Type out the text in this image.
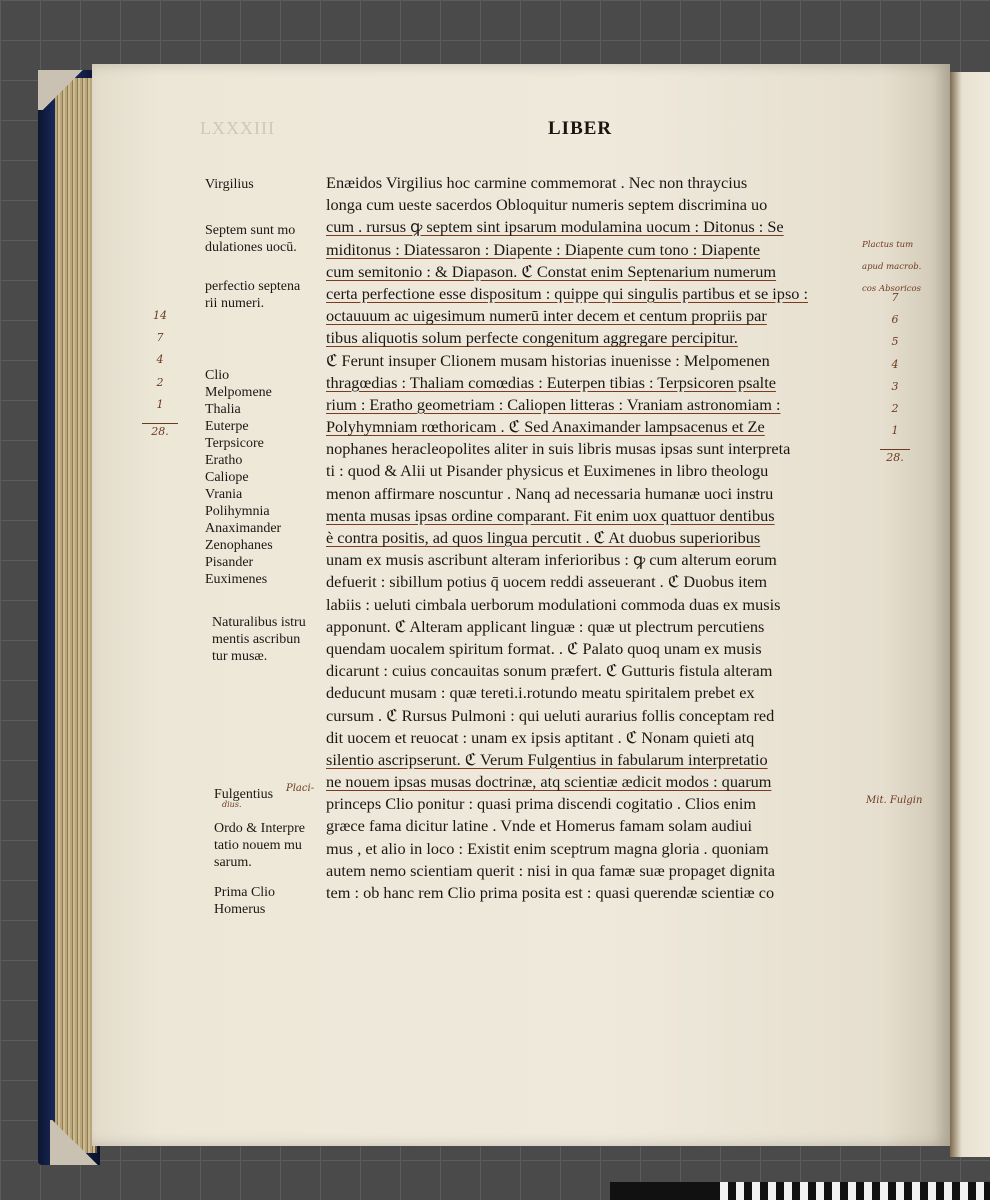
LXXXIII	LIBER
Enæidos Virgilius hoc carmine commemorat . Nec non thraycius
longa cum ueste sacerdos Obloquitur numeris septem discrimina uo
cum . rursus ꝙ septem sint ipsarum modulamina uocum : Ditonus : Se
miditonus : Diatessaron : Diapente : Diapente cum tono : Diapente
cum semitonio : & Diapason. ℭ Constat enim Septenarium numerum
certa perfectione esse dispositum : quippe qui singulis partibus et se ipso :
octauuum ac uigesimum numerū inter decem et centum propriis par
tibus aliquotis solum perfecte congenitum aggregare percipitur.
ℭ Ferunt insuper Clionem musam historias inuenisse : Melpomenen
thragœdias : Thaliam comœdias : Euterpen tibias : Terpsicoren psalte
rium : Eratho geometriam : Caliopen litteras : Vraniam astronomiam :
Polyhymniam rœthoricam . ℭ Sed Anaximander lampsacenus et Ze
nophanes heracleopolites aliter in suis libris musas ipsas sunt interpreta
ti : quod & Alii ut Pisander physicus et Euximenes in libro theologu
menon affirmare noscuntur . Nanq ad necessaria humanæ uoci instru
menta musas ipsas ordine comparant. Fit enim uox quattuor dentibus
è contra positis, ad quos lingua percutit . ℭ At duobus superioribus
unam ex musis ascribunt alteram inferioribus : ꝙ cum alterum eorum
defuerit : sibillum potius q̄ uocem reddi asseuerant . ℭ Duobus item
labiis : ueluti cimbala uerborum modulationi commoda duas ex musis
apponunt. ℭ Alteram applicant linguæ : quæ ut plectrum percutiens
quendam uocalem spiritum format. . ℭ Palato quoq unam ex musis
dicarunt : cuius concauitas sonum præfert. ℭ Gutturis fistula alteram
deducunt musam : quæ tereti.i.rotundo meatu spiritalem prebet ex
cursum . ℭ Rursus Pulmoni : qui ueluti aurarius follis conceptam red
dit uocem et reuocat : unam ex ipsis aptitant . ℭ Nonam quieti atq
silentio ascripserunt. ℭ Verum Fulgentius in fabularum interpretatio
ne nouem ipsas musas doctrinæ, atq scientiæ ædicit modos : quarum
princeps Clio ponitur : quasi prima discendi cogitatio . Clios enim
græce fama dicitur latine . Vnde et Homerus famam solam audiui
mus , et alio in loco : Existit enim sceptrum magna gloria . quoniam
autem nemo scientiam querit : nisi in qua famæ suæ propaget dignita
tem : ob hanc rem Clio prima posita est : quasi querendæ scientiæ co
Virgilius
Septem sunt mo
dulationes uocū.
perfectio septena
rii numeri.
Clio
Melpomene
Thalia
Euterpe
Terpsicore
Eratho
Caliope
Vrania
Polihymnia
Anaximander
Zenophanes
Pisander
Euximenes
Naturalibus istru
mentis ascribun
tur musæ.
Fulgentius
Ordo & Interpre
tatio nouem mu
sarum.
Prima Clio
Homerus
Plactus tum
apud macrob.
cos Absoricos
7
6
5
4
3
2
1
28.
14
7
4
2
1
28.
Placi-
dius.	Mit. Fulgin
